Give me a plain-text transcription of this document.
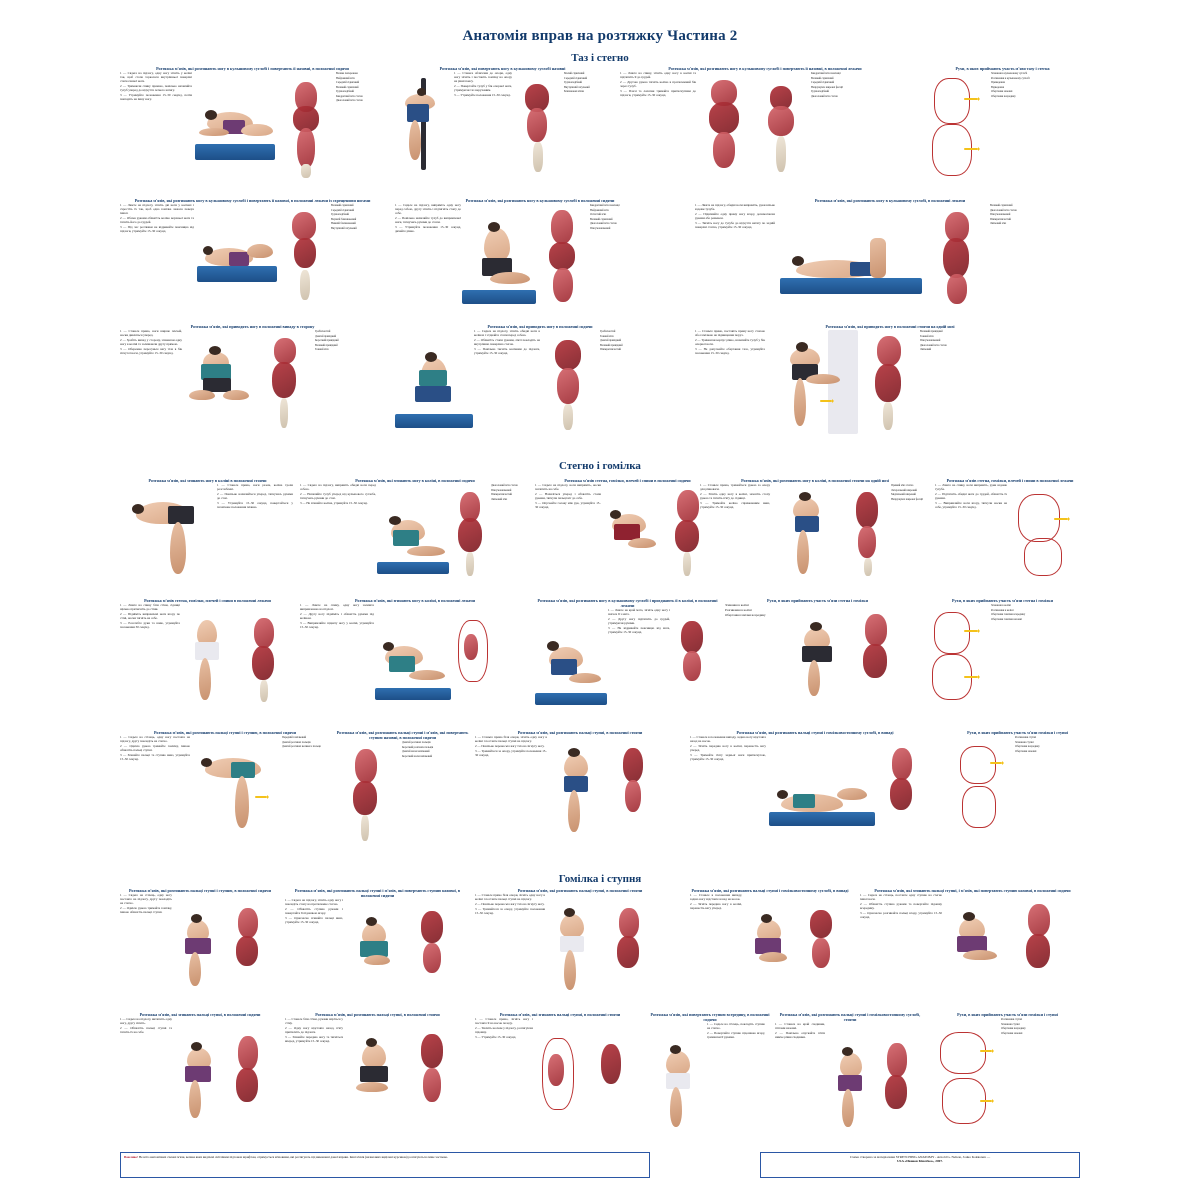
Анатомія вправ на розтяжку Частина 2
Таз і стегно
Стегно і гомілка
Гомілка і ступня
Розтяжка м'язів, які розгинають ногу в кульшовому суглобі і повертають її назовні, в положенні сидячи

1 — Сядьте на підлогу, одну ногу зігніть у коліні так, щоб стопа торкалася внутрішньої поверхні стегна іншої ноги.

2 — Тримаючи спину прямою, повільно нахиляйте тулуб уперед до відчуття легкого натягу.

3 — Утримуйте положення 15–30 секунд, потім повторіть на іншу ногу.

Велика поперекова

Найдовший м'яз

Середній сідничний

Великий сідничний

Грушоподібний

Квадратний м'яз стегна

Двоголовий м'яз стегна

Розтяжка м'язів, які повертають ногу в кульшовому суглобі назовні

1 — Станьте обличчям до опори, одну ногу зігніть і поставіть гомілку на опору на рівні поясу.

2 — Повертайте тулуб у бік опорної ноги, утримуючи таз нерухомим.

3 — Утримуйте положення 15–30 секунд.

Малий сідничний

Середній сідничний

Грушоподібний

Внутрішній затульний

Близнюкові м'язи

Розтяжка м'язів, які розгинають ногу в кульшовому суглобі і повертають її назовні, в положенні лежачи

1 — Ляжте на спину, зігніть одну ногу в коліні та підтягніть її до грудей.

2 — Другою рукою тягніть коліно в протилежний бік через тулуб.

3 — Плечі та лопатки тримайте притиснутими до підлоги, утримуйте 15–30 секунд.

Квадратний м'яз поясниці

Великий сідничний

Середній сідничний

Напружувач широкої фасції

Грушоподібний

Двоголовий м'яз стегна

Рухи, в яких приймають участь м'язи тазу і стегна

Згинання в кульшовому суглобі

Розгинання в кульшовому суглобі

Приведення

Відведення

Обертання назовні

Обертання всередину

Розтяжка м'язів, які розгинають ногу в кульшовому суглобі і повертають її назовні, в положенні лежачи із схрещеними ногами

1 — Ляжте на підлогу, зігніть дві ноги у колінах і схрестіть їх так, щоб одна гомілка лежала поверх іншої.

2 — Обома руками обхватіть коліно верхньої ноги та тягніть його до грудей.

3 — Під час розтяжки не відривайте поясницю від підлоги, утримуйте 15–30 секунд.

Великий сідничний

Середній сідничний

Грушоподібний

Верхній близнюковий

Нижній близнюковий

Внутрішній затульний

Розтяжка м'язів, які розгинають ногу в кульшовому суглобі в положенні сидячи

1 — Сядьте на підлогу, випряміть одну ногу перед собою, другу зігніть і підтягніть стопу до себе.

2 — Повільно нахиляйте тулуб до випрямленої ноги, тягнучись руками до стопи.

3 — Утримуйте положення 15–30 секунд, дихайте рівно.

Квадратний м'яз поясниці

Найдовший м'яз

Остистий м'яз

Великий сідничний

Двоголовий м'яз стегна

Півсухожилковий

Розтяжка м'язів, які розгинають ногу в кульшовому суглобі, в положенні лежачи

1 — Ляжте на підлогу, обидві ноги випряміть, руки вільно вздовж тулуба.

2 — Піднімайте одну пряму ногу вгору, допомагаючи руками або ременем.

3 — Тягніть ногу до тулуба до відчуття натягу по задній поверхні стегна, утримуйте 15–30 секунд.

Великий сідничний

Двоголовий м'яз стегна

Півсухожилковий

Півперетинчастий

Литковий м'яз

Розтяжка м'язів, які приводять ногу в положенні випаду в сторону

1 — Станьте прямо, ноги ширше плечей, носки дивляться уперед.

2 — Зробіть випад у сторону, згинаючи одну ногу в коліні та залишаючи другу прямою.

3 — Обережно пересуньте вагу тіла в бік зігнутої ноги, утримуйте 15–30 секунд.

Гребінчастий

Довгий привідний

Короткий привідний

Великий привідний

Тонкий м'яз

Розтяжка м'язів, які приводять ногу в положенні сидячи

1 — Сядьте на підлогу, зігніть обидві ноги в колінах і з'єднайте стопи перед собою.

2 — Обхватіть стопи руками, лікті покладіть на внутрішню поверхню стегон.

3 — Повільно тисніть колінами до підлоги, утримуйте 15–30 секунд.

Гребінчастий

Тонкий м'яз

Довгий привідний

Великий привідний

Півперетинчастий

Розтяжка м'язів, які приводять ногу в положенні стоячи на одній нозі

1 — Станьте прямо, поставіть пряму ногу стопою або гомілкою на підвищення поруч.

2 — Тримаючи корпус рівно, нахиляйте тулуб у бік опорної ноги.

3 — Не допускайте обертання таза, утримуйте положення 15–30 секунд.

Великий привідний

Тонкий м'яз

Півсухожилковий

Двоголовий м'яз стегна

Литковий

Розтяжка м'язів, які згинають ногу в коліні в положенні стоячи

1 — Станьте прямо, ноги разом, коліна трохи розслаблені.

2 — Повільно нахиляйтеся уперед, тягнучись руками до стоп.

3 — Утримуйте 15–30 секунд, повертайтеся у початкове положення плавно.

Розтяжка м'язів, які згинають ногу в коліні, в положенні сидячи

1 — Сядьте на підлогу, випряміть обидві ноги перед собою.

2 — Нахиляйте тулуб уперед від кульшового суглоба, тягнучись руками до стоп.

3 — Не згинайте коліна, утримуйте 15–30 секунд.

Двоголовий м'яз стегна

Півсухожилковий

Півперетинчастий

Литковий м'яз

Розтяжка м'язів стегна, гомілки, плечей і спини в положенні сидячи

1 — Сядьте на підлогу, ноги випряміть, носки потягніть на себе.

2 — Нахиліться уперед і обхватіть стопи руками, тягнучи пальці ніг до себе.

3 — Опускайте голову між рук, утримуйте 15–30 секунд.

Розтяжка м'язів, які розгинають ногу в коліні, в положенні стоячи на одній нозі

1 — Станьте прямо, тримайтеся рукою за опору для рівноваги.

2 — Зігніть одну ногу в коліні, захопіть стопу рукою та тягніть п'яту до сідниці.

3 — Тримайте коліно спрямованим вниз, утримуйте 15–30 секунд.

Прямий м'яз стегна

Латеральний широкий

Медіальний широкий

Напружувач широкої фасції

Розтяжка м'язів стегна, гомілки, плечей і спини в положенні лежачи

1 — Ляжте на спину, ноги випряміть, руки вздовж тулуба.

2 — Підтягніть обидві ноги до грудей, обхватіть їх руками.

3 — Випрямляйте ноги вгору, тягнучи носки на себе, утримуйте 15–30 секунд.

Розтяжка м'язів стегна, гомілки, плечей і спини в положенні лежачи

1 — Ляжте на спину біля стіни, сідниці щільно притисніть до стіни.

2 — Підніміть випрямлені ноги вгору по стіні, носки тягніть на себе.

3 — Розслабте руки та шию, утримуйте положення 30 секунд.

Розтяжка м'язів, які згинають ногу в коліні, в положенні лежачи

1 — Ляжте на спину, одну ногу залиште випрямленою на підлозі.

2 — Другу ногу підніміть і обхватіть руками під коліном.

3 — Випрямляйте підняту ногу у коліні, утримуйте 15–30 секунд.

Розтяжка м'язів, які розгинають ногу в кульшовому суглобі і приєднають її в коліні, в положенні лежачи

1 — Ляжте на край мата, зігніть одну ногу і звісьте її з мата.

2 — Другу ногу підтягніть до грудей, утримуючи руками.

3 — Не відривайте поясницю від мата, утримуйте 15–30 секунд.

Рухи, в яких приймають участь м'язи стегна і гомілки

Згинання в коліні

Розгинання в коліні

Обертання гомілки всередину

Рухи, в яких приймають участь м'язи стегна і гомілки

Згинання в коліні

Розгинання в коліні

Обертання гомілки всередину

Обертання гомілки назовні

Розтяжка м'язів, які розгинають пальці ступні і ступню, в положенні сидячи

1 — Сядьте на стілець, одну ногу поставте на підлогу, другу покладіть на стегно.

2 — Однією рукою тримайте гомілку, іншою обхватіть пальці ступні.

3 — Згинайте пальці та ступню вниз, утримуйте 15–30 секунд.

Передній гомілковий

Довгий розгинач пальців

Довгий розгинач великого пальця

Розтяжка м'язів, які розгинають пальці ступні і м'язів, які повертають ступню назовні, в положенні сидячи

Довгий розгинач пальців

Короткий розгинач пальців

Довгий малогомілковий

Короткий малогомілковий

Розтяжка м'язів, які розгинають пальці ступні, в положенні стоячи

1 — Станьте прямо біля опори, зігніть одну ногу в коліні і поставте пальці ступні на підлогу.

2 — Повільно переносьте вагу тіла на зігнуту ногу.

3 — Тримайтеся за опору, утримуйте положення 15–30 секунд.

Розтяжка м'язів, які розгинають пальці ступні і гомілковостопному суглобі, в випаді

1 — Станьте в положення випаду, задню ногу відставте назад на носок.

2 — Зігніть передню ногу в коліні, перенесіть вагу уперед.

3 — Тримайте п'яту задньої ноги притиснутою, утримуйте 15–30 секунд.

Рухи, в яких приймають участь м'язи гомілки і ступні

Розгинання ступні

Згинання ступні

Обертання всередину

Обертання назовні

Розтяжка м'язів, які розгинають пальці ступні і ступню, в положенні сидячи

1 — Сядьте на стілець, одну ногу поставте на підлогу, другу покладіть на стегно.

2 — Однією рукою тримайте гомілку, іншою обхватіть пальці ступні.

Розтяжка м'язів, які розгинають пальці ступні і м'язів, які повертають ступню назовні, в положенні сидячи

1 — Сядьте на підлогу, зігніть одну ногу і покладіть стопу на протилежне стегно.

2 — Обхватіть ступню руками і повертайте її підошвою вгору.

3 — Одночасно згинайте пальці вниз, утримуйте 15–30 секунд.

Розтяжка м'язів, які розгинають пальці ступні, в положенні стоячи

1 — Станьте прямо біля опори, зігніть одну ногу в коліні і поставте пальці ступні на підлогу.

2 — Повільно переносьте вагу тіла на зігнуту ногу.

3 — Тримайтеся за опору, утримуйте положення 15–30 секунд.

Розтяжка м'язів, які розгинають пальці ступні і гомілковостопному суглобі, в випаді

1 — Станьте в положення випаду, задню ногу відставте назад на носок.

2 — Зігніть передню ногу в коліні, перенесіть вагу уперед.

Розтяжка м'язів, які згинають пальці ступні, і м'язів, які повертають ступню назовні, в положенні сидячи

1 — Сядьте на стілець, поставте одну ступню на стегно іншої ноги.

2 — Обхватіть ступню руками та повертайте підошву всередину.

3 — Одночасно розгинайте пальці вгору, утримуйте 15–30 секунд.

Розтяжка м'язів, які згинають пальці ступні, в положенні сидячи

1 — Сядьте на підлогу, витягніть одну ногу, другу зігніть.

2 — Обхватіть пальці ступні та тягніть їх на себе.

Розтяжка м'язів, які розгинають пальці ступні, в положенні стоячи

1 — Станьте біля стіни, руками впріться у стіну.

2 — Одну ногу відставте назад, п'яту притисніть до підлоги.

3 — Згинайте передню ногу та тягніться вперед, утримуйте 15–30 секунд.

Розтяжка м'язів, які згинають пальці ступні, в положенні стоячи

1 — Станьте прямо, зігніть ногу і поставте її на носок позаду.

2 — Тисніть носком у підлогу, розтягуючи підошву.

3 — Утримуйте 15–30 секунд.

Розтяжка м'язів, які повертають ступню всередину, в положенні сидячи

1 — Сядьте на стілець, покладіть ступню на стегно.

2 — Повертайте ступню підошвою вгору, тримаючи її руками.

Розтяжка м'язів, які розгинають пальці ступні і гомілковостопному суглобі, стоячи

1 — Станьте на край сходинки, п'ятами назовні.

2 — Повільно опускайте п'яти нижче рівня сходинки.

Рухи, в яких приймають участь м'язи гомілки і ступні

Розгинання ступні

Згинання ступні

Обертання всередину

Обертання назовні

Важливо! Не всіх анатомічних схемах м'язи, велика яких виділені світлішим підтоном шрифтом, отримується м'язовими, які розтягують під виконанні даної вправи. Інші м'язів (назви яких виділені курсивом) розтягуються лише частково.	Схема створена за матеріалами STRETCHING ANATOMY - Arnold G. Nelson, Jouko Kokkonen —
USA «Иванов Кінотіка», 2007.
